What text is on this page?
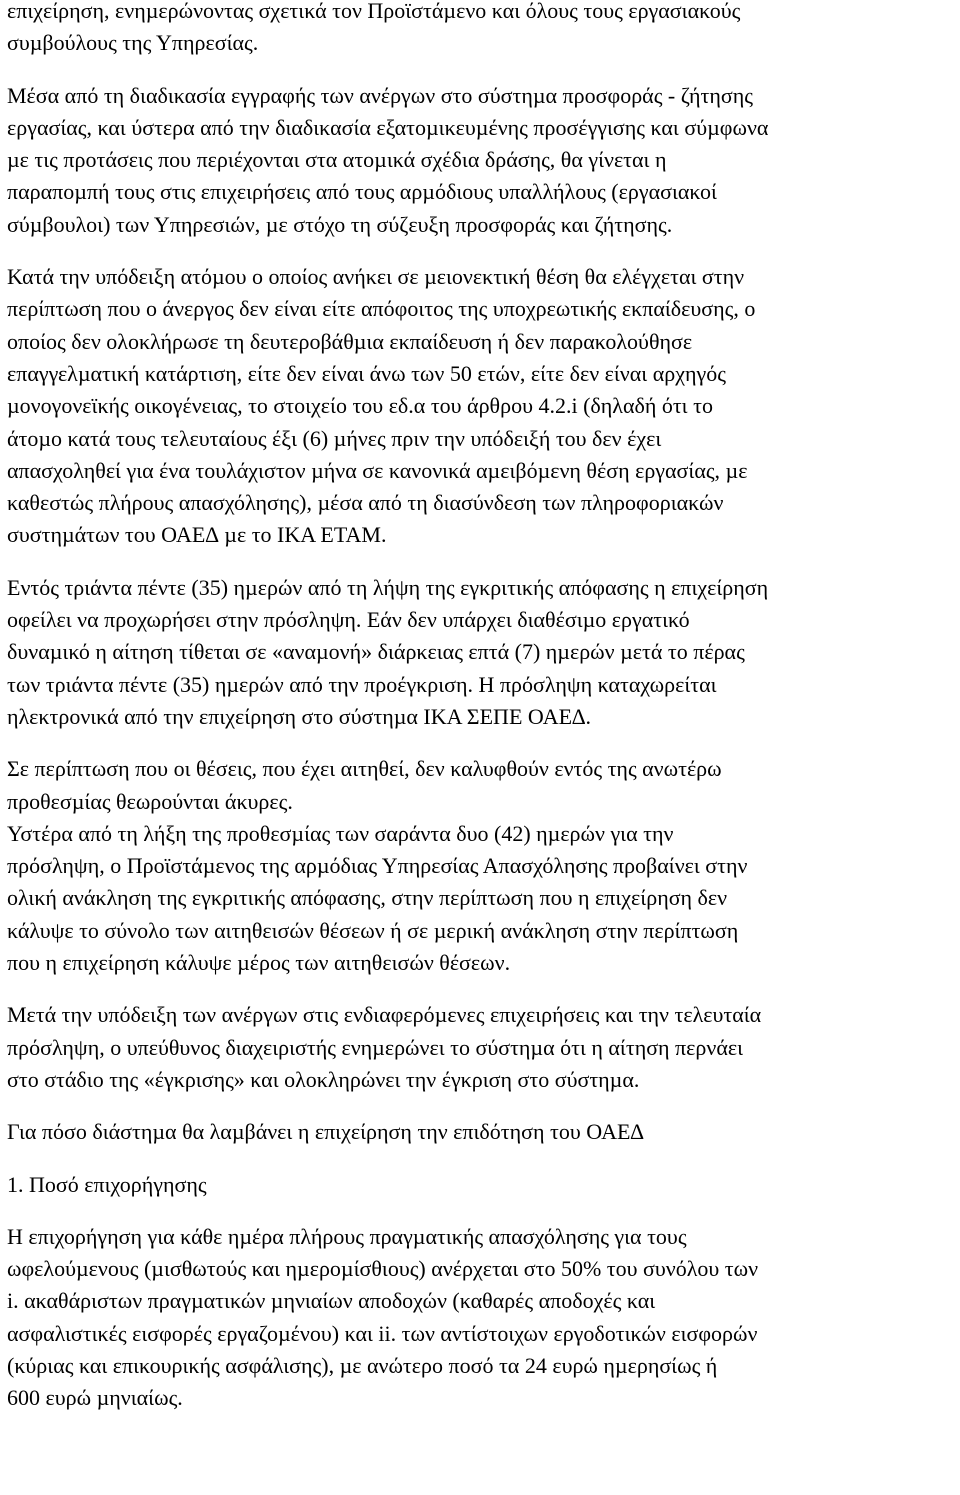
επιχείρηση, ενηµερώνοντας σχετικά τον Προϊστάµενο και όλους τους εργασιακούς
συµβούλους της Υπηρεσίας.
Μέσα από τη διαδικασία εγγραφής των ανέργων στο σύστηµα προσφοράς - ζήτησης
εργασίας, και ύστερα από την διαδικασία εξατοµικευµένης προσέγγισης και σύµφωνα
µε τις προτάσεις που περιέχονται στα ατοµικά σχέδια δράσης, θα γίνεται η
παραποµπή τους στις επιχειρήσεις από τους αρµόδιους υπαλλήλους (εργασιακοί
σύµβουλοι) των Υπηρεσιών, µε στόχο τη σύζευξη προσφοράς και ζήτησης.
Κατά την υπόδειξη ατόµου ο οποίος ανήκει σε µειονεκτική θέση θα ελέγχεται στην
περίπτωση που ο άνεργος δεν είναι είτε απόφοιτος της υποχρεωτικής εκπαίδευσης, ο
οποίος δεν ολοκλήρωσε τη δευτεροβάθµια εκπαίδευση ή δεν παρακολούθησε
επαγγελµατική κατάρτιση, είτε δεν είναι άνω των 50 ετών, είτε δεν είναι αρχηγός
µονογονεϊκής οικογένειας, το στοιχείο του εδ.α του άρθρου 4.2.i (δηλαδή ότι το
άτοµο κατά τους τελευταίους έξι (6) µήνες πριν την υπόδειξή του δεν έχει
απασχοληθεί για ένα τουλάχιστον µήνα σε κανονικά αµειβόµενη θέση εργασίας, µε
καθεστώς πλήρους απασχόλησης), µέσα από τη διασύνδεση των πληροφοριακών
συστηµάτων του ΟΑΕ∆ µε το ΙΚΑ ΕΤΑΜ.
Εντός τριάντα πέντε (35) ηµερών από τη λήψη της εγκριτικής απόφασης η επιχείρηση
οφείλει να προχωρήσει στην πρόσληψη. Εάν δεν υπάρχει διαθέσιµο εργατικό
δυναµικό η αίτηση τίθεται σε «αναµονή» διάρκειας επτά (7) ηµερών µετά το πέρας
των τριάντα πέντε (35) ηµερών από την προέγκριση. Η πρόσληψη καταχωρείται
ηλεκτρονικά από την επιχείρηση στο σύστηµα ΙΚΑ ΣΕΠΕ ΟΑΕ∆.
Σε περίπτωση που οι θέσεις, που έχει αιτηθεί, δεν καλυφθούν εντός της ανωτέρω
προθεσµίας θεωρούνται άκυρες.
Υστέρα από τη λήξη της προθεσµίας των σαράντα δυο (42) ηµερών για την
πρόσληψη, ο Προϊστάµενος της αρµόδιας Υπηρεσίας Απασχόλησης προβαίνει στην
ολική ανάκληση της εγκριτικής απόφασης, στην περίπτωση που η επιχείρηση δεν
κάλυψε το σύνολο των αιτηθεισών θέσεων ή σε µερική ανάκληση στην περίπτωση
που η επιχείρηση κάλυψε µέρος των αιτηθεισών θέσεων.
Μετά την υπόδειξη των ανέργων στις ενδιαφερόµενες επιχειρήσεις και την τελευταία
πρόσληψη, ο υπεύθυνος διαχειριστής ενηµερώνει το σύστηµα ότι η αίτηση περνάει
στο στάδιο της «έγκρισης» και ολοκληρώνει την έγκριση στο σύστηµα.
Για πόσο διάστηµα θα λαµβάνει η επιχείρηση την επιδότηση του ΟΑΕ∆
1. Ποσό επιχορήγησης
Η επιχορήγηση για κάθε ηµέρα πλήρους πραγµατικής απασχόλησης για τους
ωφελούµενους (µισθωτούς και ηµεροµίσθιους) ανέρχεται στο 50% του συνόλου των
i. ακαθάριστων πραγµατικών µηνιαίων αποδοχών (καθαρές αποδοχές και
ασφαλιστικές εισφορές εργαζοµένου) και ii. των αντίστοιχων εργοδοτικών εισφορών
(κύριας και επικουρικής ασφάλισης), µε ανώτερο ποσό τα 24 ευρώ ηµερησίως ή
600 ευρώ µηνιαίως.
